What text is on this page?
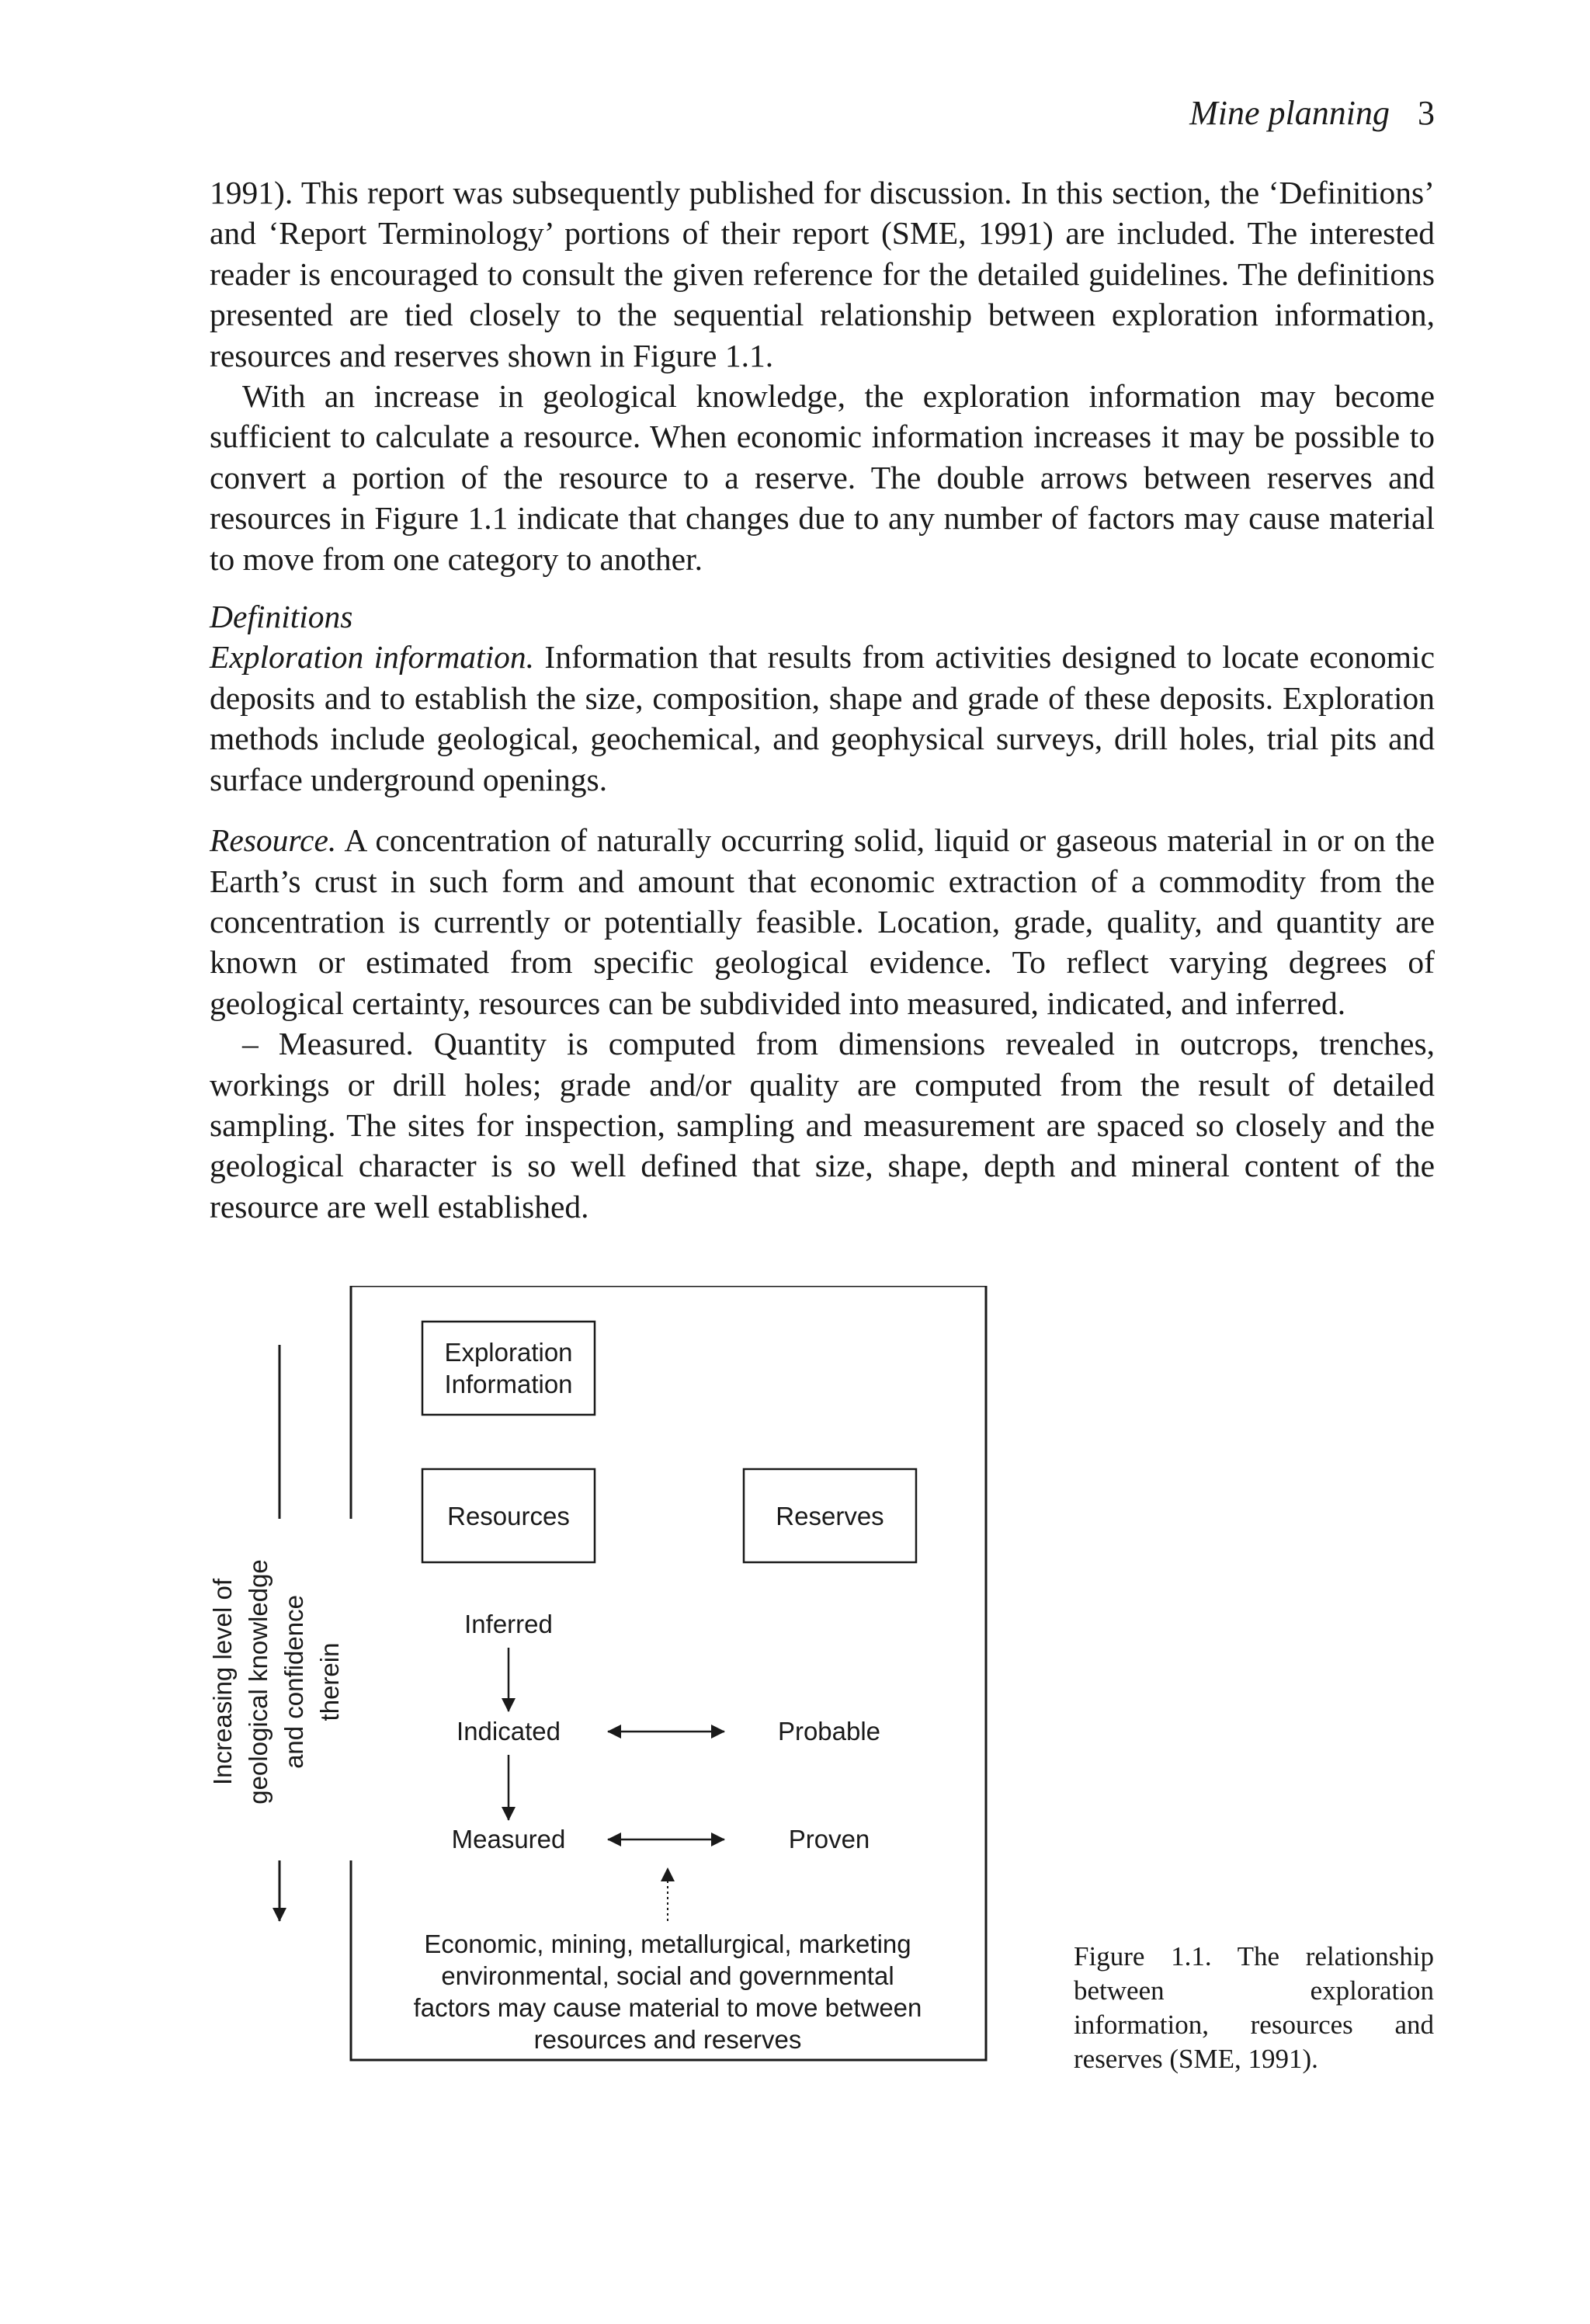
Mine planning 3

1991). This report was subsequently published for discussion. In this section, the ‘Definitions’ and ‘Report Terminology’ portions of their report (SME, 1991) are included. The interested reader is encouraged to consult the given reference for the detailed guidelines. The definitions presented are tied closely to the sequential relationship between exploration information, resources and reserves shown in Figure 1.1.

With an increase in geological knowledge, the exploration information may become sufficient to calculate a resource. When economic information increases it may be possible to convert a portion of the resource to a reserve. The double arrows between reserves and resources in Figure 1.1 indicate that changes due to any number of factors may cause material to move from one category to another.

Definitions

Exploration information. Information that results from activities designed to locate economic deposits and to establish the size, composition, shape and grade of these deposits. Exploration methods include geological, geochemical, and geophysical surveys, drill holes, trial pits and surface underground openings.

Resource. A concentration of naturally occurring solid, liquid or gaseous material in or on the Earth’s crust in such form and amount that economic extraction of a commodity from the concentration is currently or potentially feasible. Location, grade, quality, and quantity are known or estimated from specific geological evidence. To reflect varying degrees of geological certainty, resources can be subdivided into measured, indicated, and inferred.

– Measured. Quantity is computed from dimensions revealed in outcrops, trenches, workings or drill holes; grade and/or quality are computed from the result of detailed sampling. The sites for inspection, sampling and measurement are spaced so closely and the geological character is so well defined that size, shape, depth and mineral content of the resource are well established.

Increasing level of geological knowledge and confidence therein
Exploration
Information
Resources	Reserves
Inferred
Indicated
Measured
Probable
Proven
Economic, mining, metallurgical, marketing
environmental, social and governmental
factors may cause material to move between
resources and reserves
Figure 1.1. The relationship between exploration information, resources and reserves (SME, 1991).
